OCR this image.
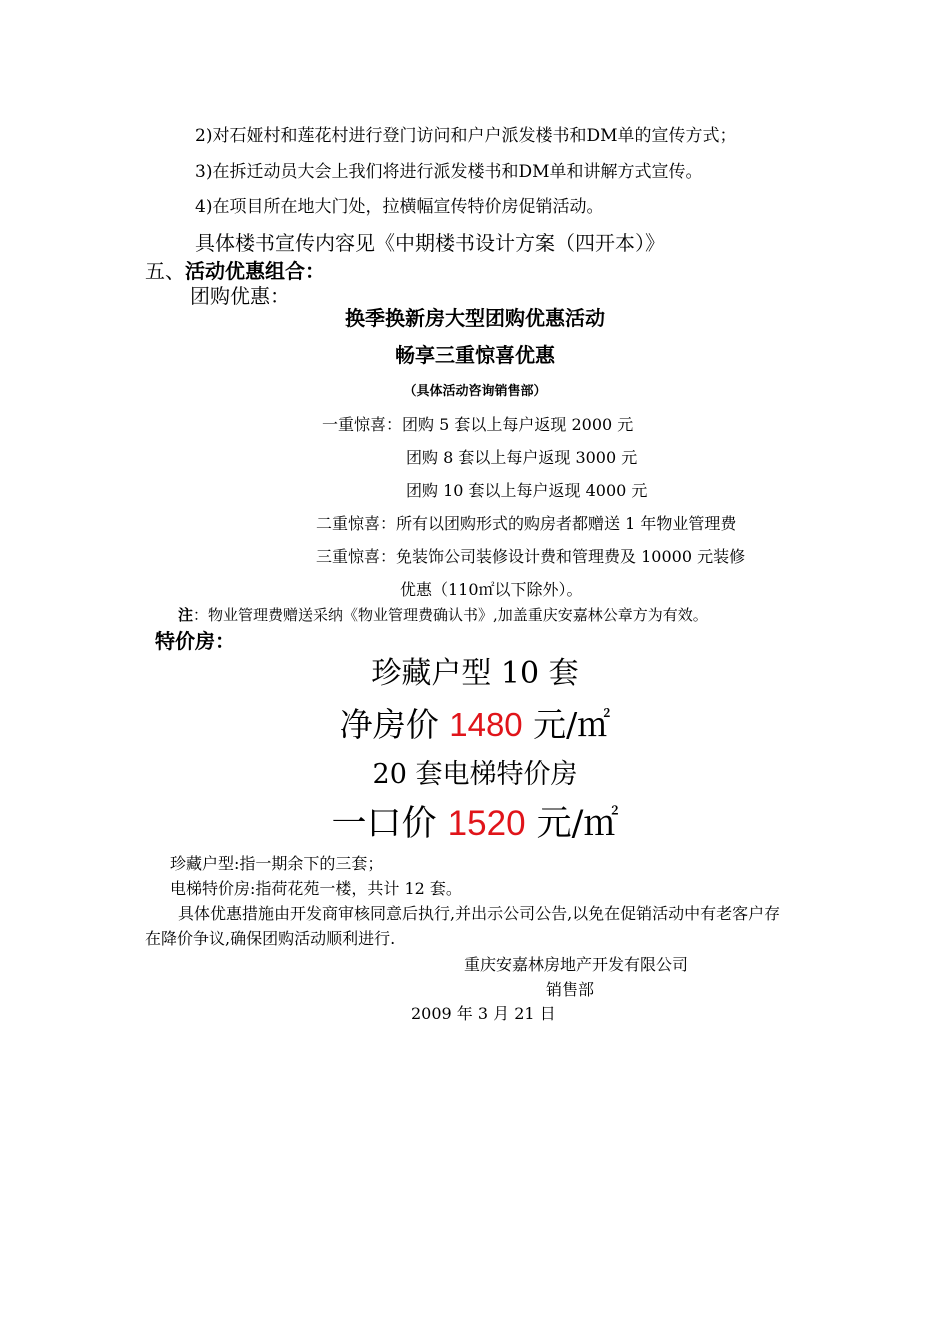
2)对石娅村和莲花村进行登门访问和户户派发楼书和DM单的宣传方式；
3)在拆迁动员大会上我们将进行派发楼书和DM单和讲解方式宣传。
4)在项目所在地大门处，拉横幅宣传特价房促销活动。
具体楼书宣传内容见《中期楼书设计方案（四开本）》
五、活动优惠组合：
团购优惠：
换季换新房大型团购优惠活动
畅享三重惊喜优惠
（具体活动咨询销售部）
一重惊喜：团购 5 套以上每户返现 2000 元
团购 8 套以上每户返现 3000 元
团购 10 套以上每户返现 4000 元
二重惊喜：所有以团购形式的购房者都赠送 1 年物业管理费
三重惊喜：免装饰公司装修设计费和管理费及 10000 元装修
优惠（110㎡以下除外）。
注：物业管理费赠送采纳《物业管理费确认书》,加盖重庆安嘉林公章方为有效。
特价房：
珍藏户型 10 套
净房价 1480 元/㎡
20 套电梯特价房
一口价 1520 元/㎡
珍藏户型:指一期余下的三套；
电梯特价房:指荷花苑一楼，共计 12 套。
具体优惠措施由开发商审核同意后执行,并出示公司公告,以免在促销活动中有老客户存
在降价争议,确保团购活动顺利进行.
重庆安嘉林房地产开发有限公司
销售部
2009 年 3 月 21 日
